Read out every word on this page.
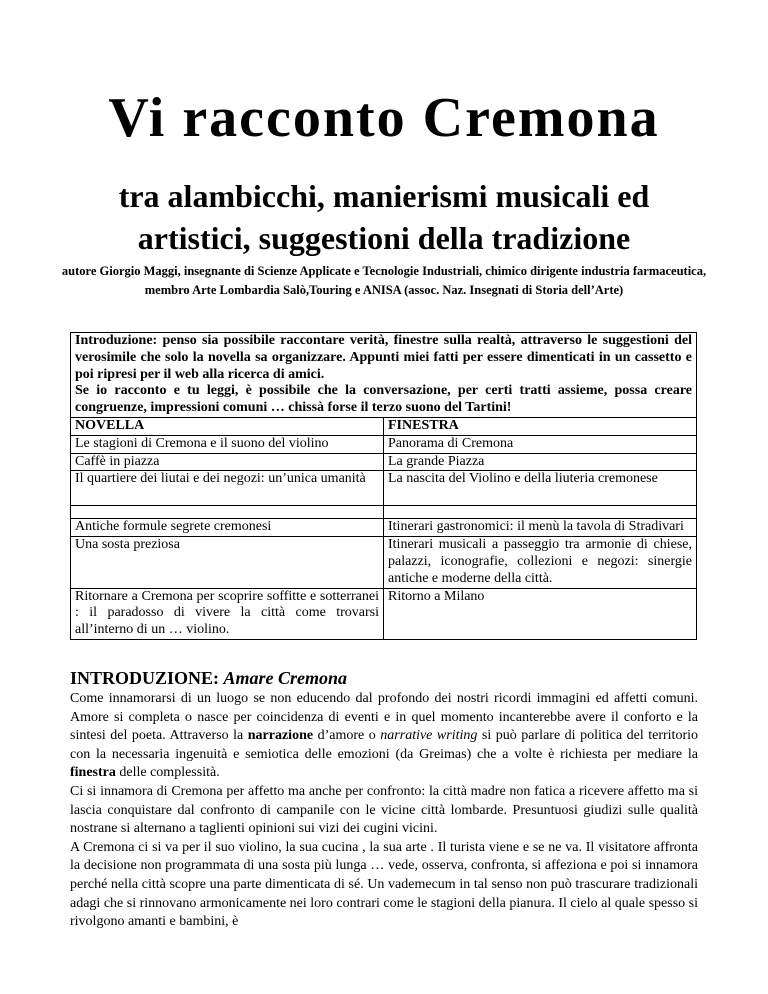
Vi racconto Cremona
tra alambicchi, manierismi musicali ed
artistici, suggestioni della tradizione
autore Giorgio Maggi, insegnante di Scienze Applicate e Tecnologie Industriali, chimico dirigente industria farmaceutica, membro Arte Lombardia Salò,Touring e ANISA (assoc. Naz. Insegnati di Storia dell’Arte)
Introduzione: penso sia possibile raccontare verità, finestre sulla realtà, attraverso le suggestioni del verosimile che solo la novella sa organizzare. Appunti miei fatti per essere dimenticati in un cassetto e poi ripresi per il web alla ricerca di amici.
Se io racconto e tu leggi, è possibile che la conversazione, per certi tratti assieme, possa creare congruenze, impressioni comuni … chissà forse il terzo suono del Tartini!	

NOVELLA	FINESTRA
Le stagioni di Cremona e il suono del violino	Panorama di Cremona
Caffè in piazza	La grande Piazza
Il quartiere dei liutai e dei negozi: un’unica umanità	La nascita del Violino e della liuteria cremonese

Antiche formule segrete cremonesi	Itinerari gastronomici: il menù la tavola di Stradivari
Una sosta preziosa	Itinerari musicali a passeggio tra armonie di chiese, palazzi, iconografie, collezioni e negozi: sinergie antiche e moderne della città.
Ritornare a Cremona per scoprire soffitte e sotterranei : il paradosso di vivere la città come trovarsi all’interno di un … violino.	Ritorno a Milano
INTRODUZIONE: Amare Cremona

Come innamorarsi di un luogo se non educendo dal profondo dei nostri ricordi immagini ed affetti comuni. Amore si completa o nasce per coincidenza di eventi e in quel momento incanterebbe avere il conforto e la sintesi del poeta. Attraverso la narrazione d’amore o narrative writing si può parlare di politica del territorio con la necessaria ingenuità e semiotica delle emozioni (da Greimas) che a volte è richiesta per mediare la finestra delle complessità.

Ci si innamora di Cremona per affetto ma anche per confronto: la città madre non fatica a ricevere affetto ma si lascia conquistare dal confronto di campanile con le vicine città lombarde. Presuntuosi giudizi sulle qualità nostrane si alternano a taglienti opinioni sui vizi dei cugini vicini.

A Cremona ci si va per il suo violino, la sua cucina , la sua arte . Il turista viene e se ne va. Il visitatore affronta la decisione non programmata di una sosta più lunga … vede, osserva, confronta, si affeziona e poi si innamora perché nella città scopre una parte dimenticata di sé. Un vademecum in tal senso non può trascurare tradizionali adagi che si rinnovano armonicamente nei loro contrari come le stagioni della pianura. Il cielo al quale spesso si rivolgono amanti e bambini, è
